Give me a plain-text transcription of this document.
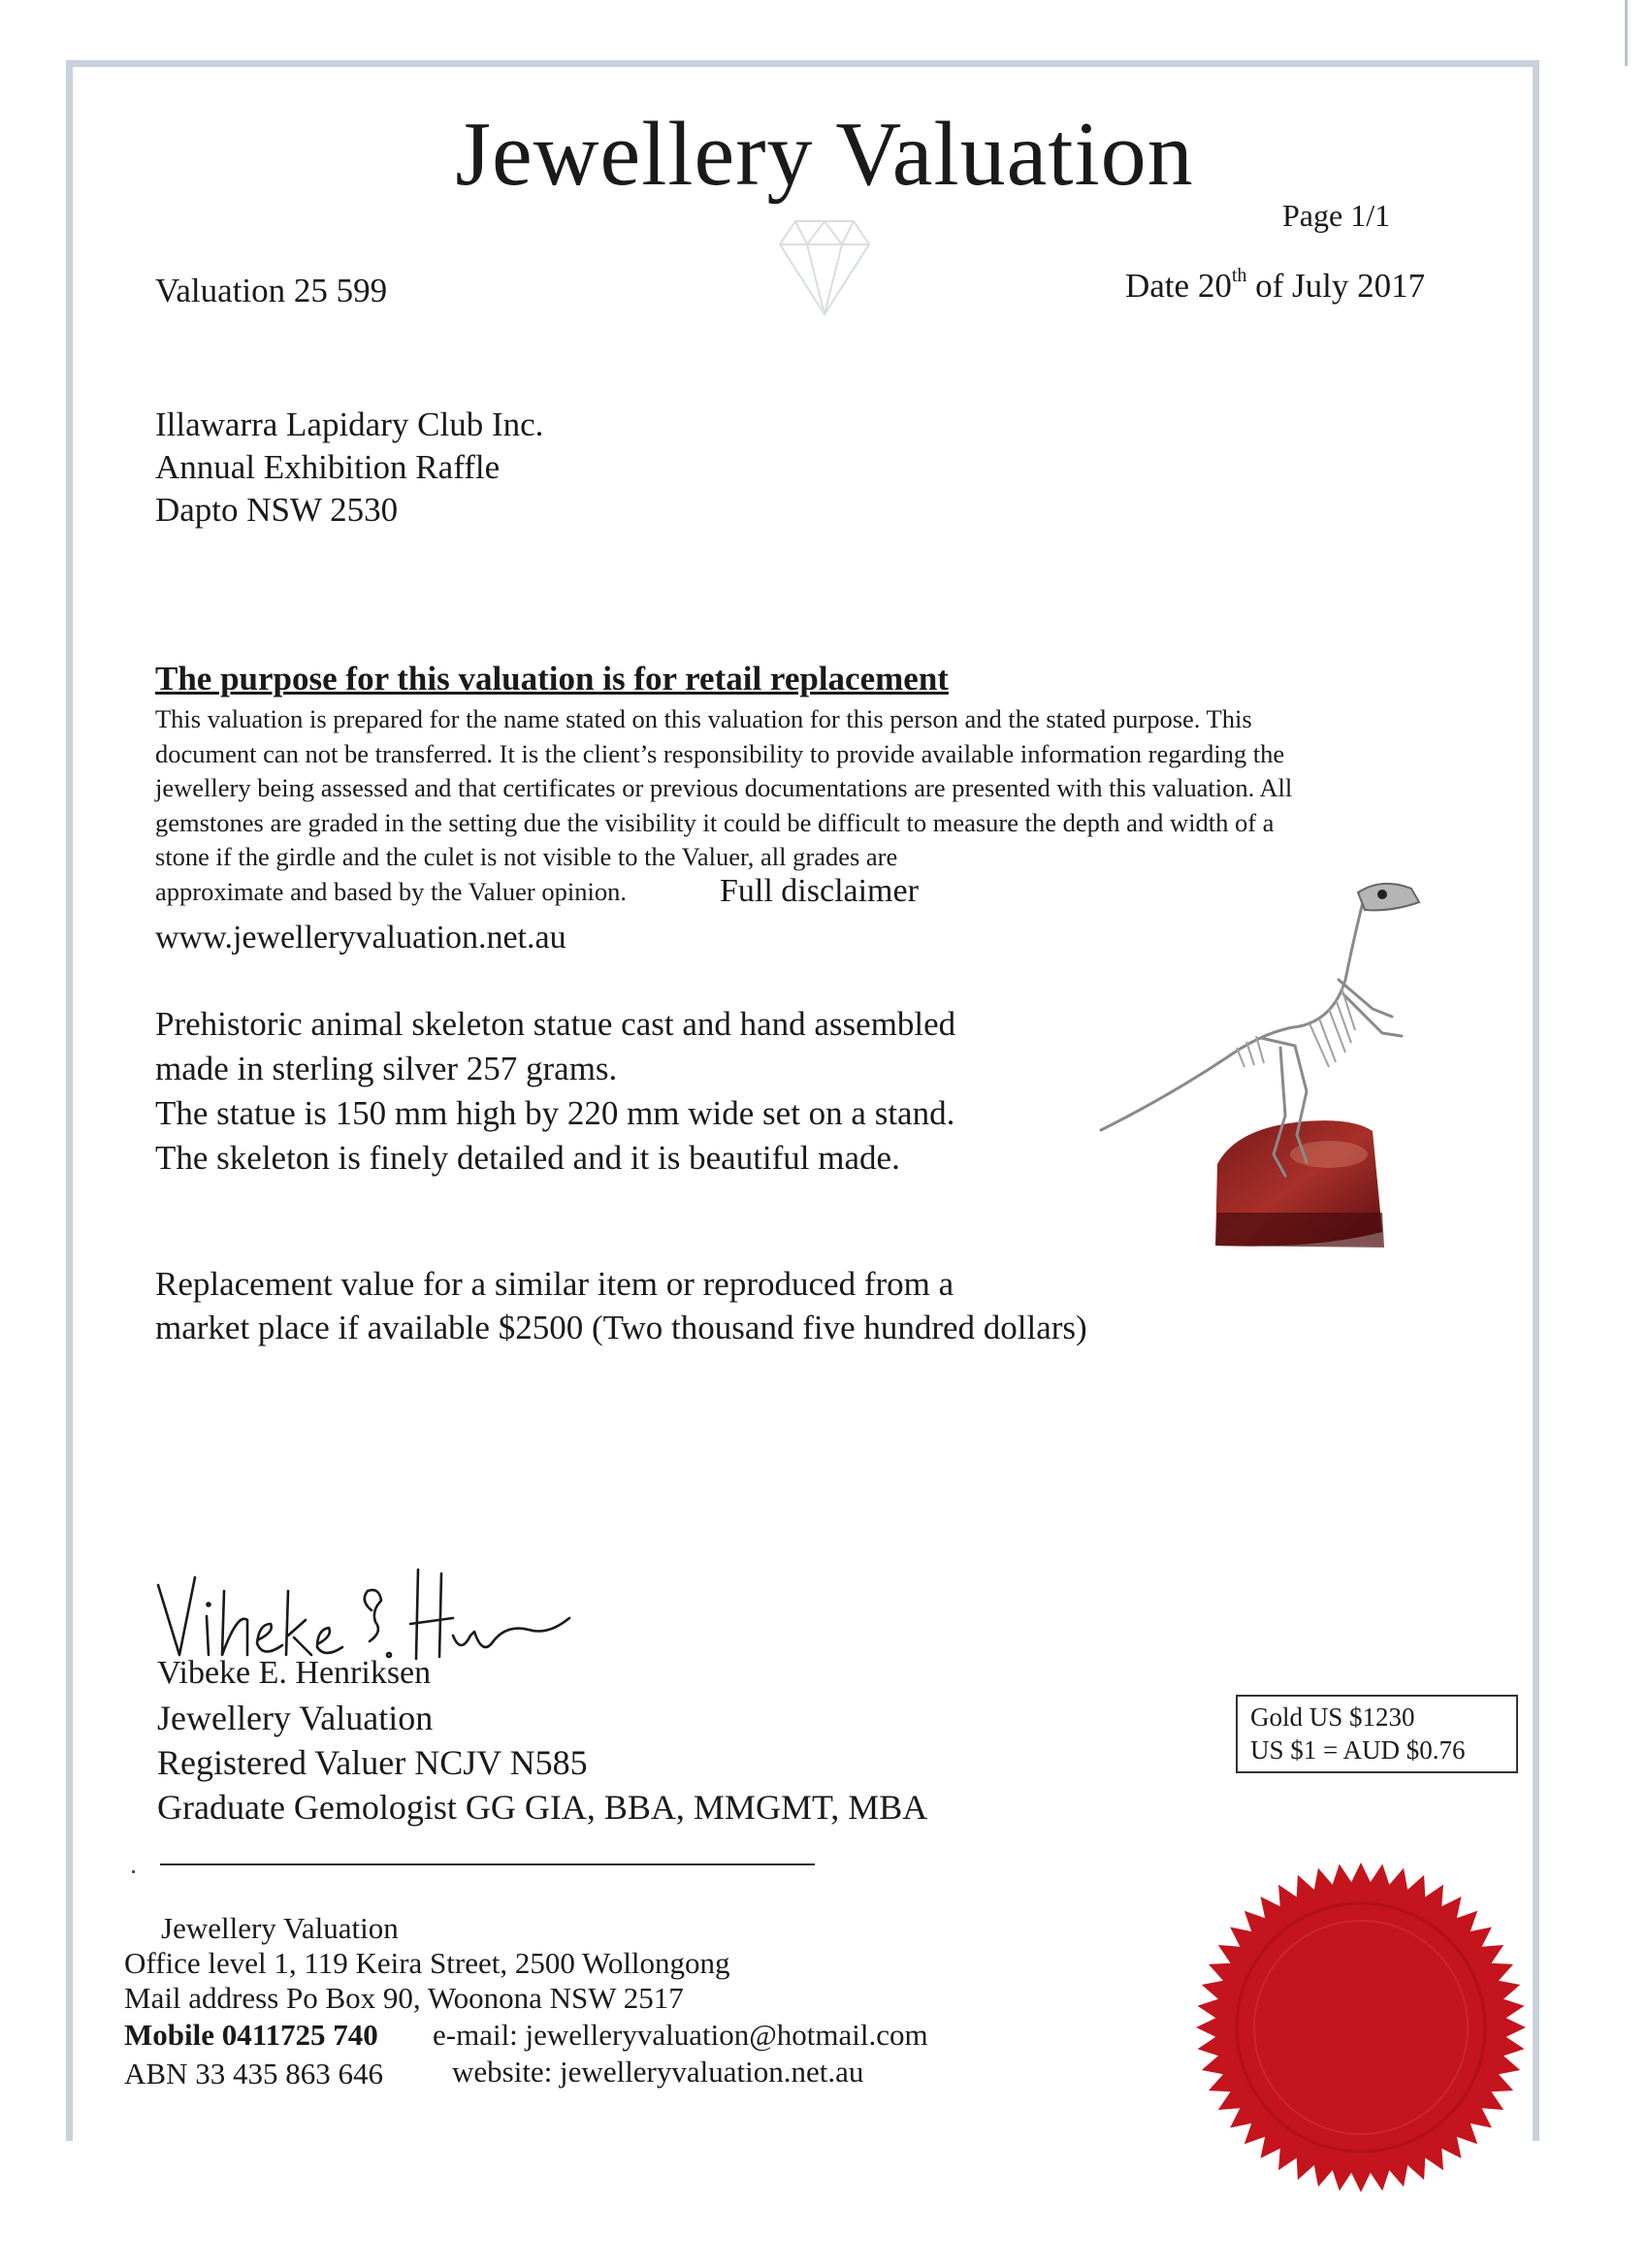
Jewellery Valuation
Page 1/1
Valuation 25 599	Date 20th of July 2017
Illawarra Lapidary Club Inc.
Annual Exhibition Raffle
Dapto NSW 2530
The purpose for this valuation is for retail replacement
This valuation is prepared for the name stated on this valuation for this person and the stated purpose. This
document can not be transferred. It is the client’s responsibility to provide available information regarding the
jewellery being assessed and that certificates or previous documentations are presented with this valuation. All
gemstones are graded in the setting due the visibility it could be difficult to measure the depth and width of a
stone if the girdle and the culet is not visible to the Valuer, all grades are
approximate and based by the Valuer opinion.	Full disclaimer
www.jewelleryvaluation.net.au
Prehistoric animal skeleton statue cast and hand assembled
made in sterling silver 257 grams.
The statue is 150 mm high by 220 mm wide set on a stand.
The skeleton is finely detailed and it is beautiful made.
Replacement value for a similar item or reproduced from a
market place if available $2500 (Two thousand five hundred dollars)
Vibeke E. Henriksen
Jewellery Valuation
Registered Valuer NCJV N585
Graduate Gemologist GG GIA, BBA, MMGMT, MBA
Gold US $1230
US $1 = AUD $0.76
Jewellery Valuation
Office level 1, 119 Keira Street, 2500 Wollongong
Mail address Po Box 90, Woonona NSW 2517
Mobile 0411725 740 e-mail: jewelleryvaluation@hotmail.com
ABN 33 435 863 646 website: jewelleryvaluation.net.au
